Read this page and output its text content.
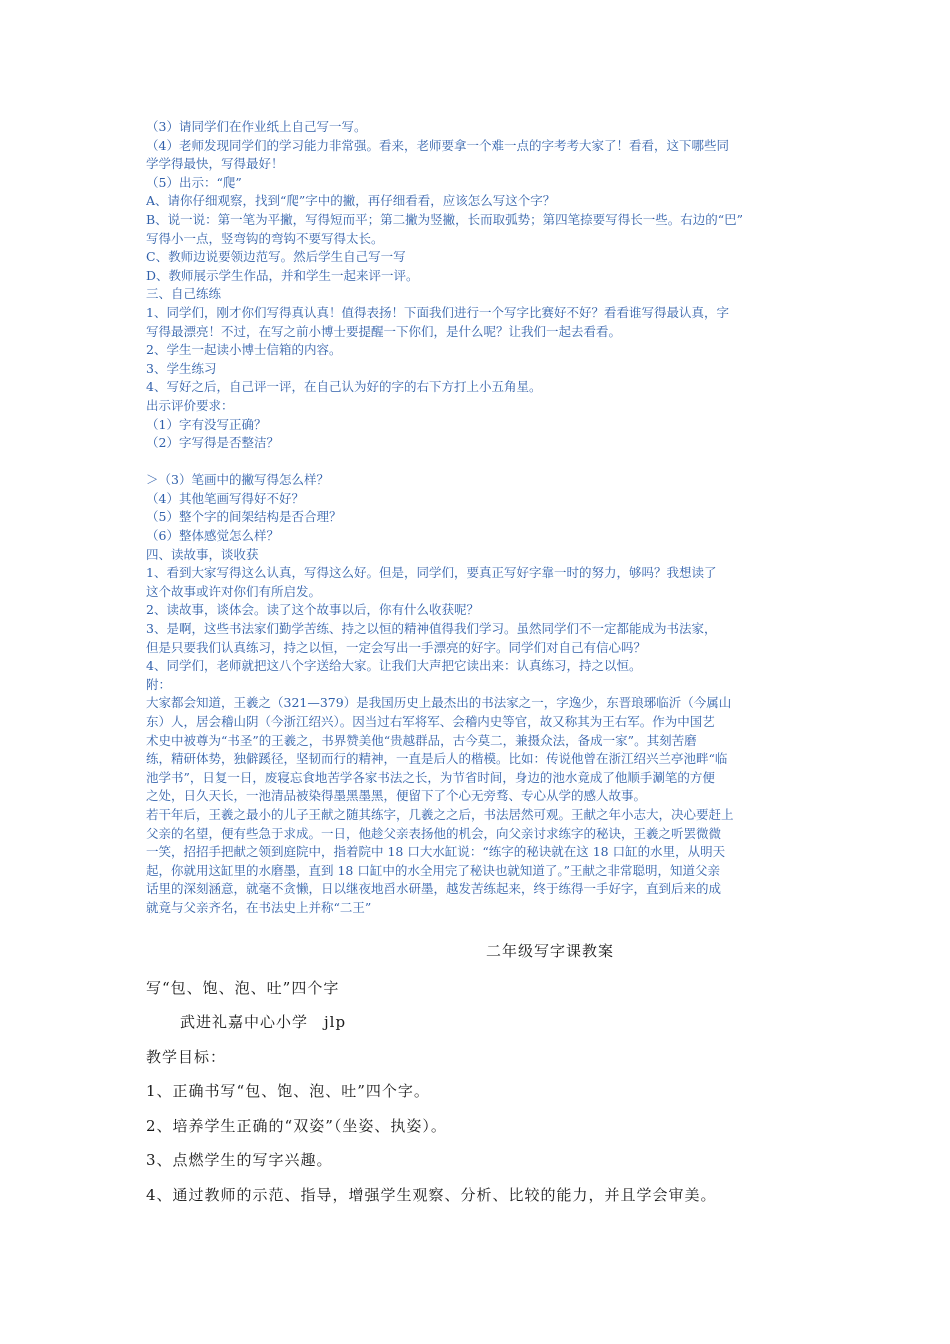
（3）请同学们在作业纸上自己写一写。
（4）老师发现同学们的学习能力非常强。看来，老师要拿一个难一点的字考考大家了！看看，这下哪些同
学学得最快，写得最好！
（5）出示：“爬”
A、请你仔细观察，找到“爬”字中的撇，再仔细看看，应该怎么写这个字？
B、说一说：第一笔为平撇，写得短而平；第二撇为竖撇，长而取弧势；第四笔捺要写得长一些。右边的“巴”
写得小一点，竖弯钩的弯钩不要写得太长。
C、教师边说要领边范写。然后学生自己写一写
D、教师展示学生作品，并和学生一起来评一评。
三、自己练练
1、同学们，刚才你们写得真认真！值得表扬！下面我们进行一个写字比赛好不好？看看谁写得最认真，字
写得最漂亮！不过，在写之前小博士要提醒一下你们，是什么呢？让我们一起去看看。
2、学生一起读小博士信箱的内容。
3、学生练习
4、写好之后，自己评一评，在自己认为好的字的右下方打上小五角星。
出示评价要求：
（1）字有没写正确？
（2）字写得是否整洁？
＞（3）笔画中的撇写得怎么样？
（4）其他笔画写得好不好？
（5）整个字的间架结构是否合理？
（6）整体感觉怎么样？
四、读故事，谈收获
1、看到大家写得这么认真，写得这么好。但是，同学们，要真正写好字靠一时的努力，够吗？我想读了
这个故事或许对你们有所启发。
2、读故事，谈体会。读了这个故事以后，你有什么收获呢？
3、是啊，这些书法家们勤学苦练、持之以恒的精神值得我们学习。虽然同学们不一定都能成为书法家，
但是只要我们认真练习，持之以恒，一定会写出一手漂亮的好字。同学们对自己有信心吗？
4、同学们，老师就把这八个字送给大家。让我们大声把它读出来：认真练习，持之以恒。
附：
大家都会知道，王羲之（321—379）是我国历史上最杰出的书法家之一，字逸少，东晋琅琊临沂（今属山
东）人，居会稽山阴（今浙江绍兴）。因当过右军将军、会稽内史等官，故又称其为王右军。作为中国艺
术史中被尊为“书圣”的王羲之，书界赞美他“贵越群品，古今莫二，兼摄众法，备成一家”。其刻苦磨
练，精研体势，独僻蹊径，坚韧而行的精神，一直是后人的楷模。比如：传说他曾在浙江绍兴兰亭池畔“临
池学书”，日复一日，废寝忘食地苦学各家书法之长，为节省时间，身边的池水竟成了他顺手涮笔的方便
之处，日久天长，一池清品被染得墨黑墨黑，便留下了个心无旁骛、专心从学的感人故事。
若干年后，王羲之最小的儿子王献之随其练字，几羲之之后，书法居然可观。王献之年小志大，决心要赶上
父亲的名望，便有些急于求成。一日，他趁父亲表扬他的机会，向父亲讨求练字的秘诀，王羲之听罢微微
一笑，招招手把献之领到庭院中，指着院中 18 口大水缸说：“练字的秘诀就在这 18 口缸的水里，从明天
起，你就用这缸里的水磨墨，直到 18 口缸中的水全用完了秘诀也就知道了。”王献之非常聪明，知道父亲
话里的深刻涵意，就毫不贪懒，日以继夜地舀水研墨，越发苦练起来，终于练得一手好字，直到后来的成
就竟与父亲齐名，在书法史上并称“二王”
二年级写字课教案
写“包、饱、泡、吐”四个字
武进礼嘉中心小学　jlp
教学目标：
1、正确书写“包、饱、泡、吐”四个字。
2、培养学生正确的“双姿”（坐姿、执姿）。
3、点燃学生的写字兴趣。
4、通过教师的示范、指导，增强学生观察、分析、比较的能力，并且学会审美。
